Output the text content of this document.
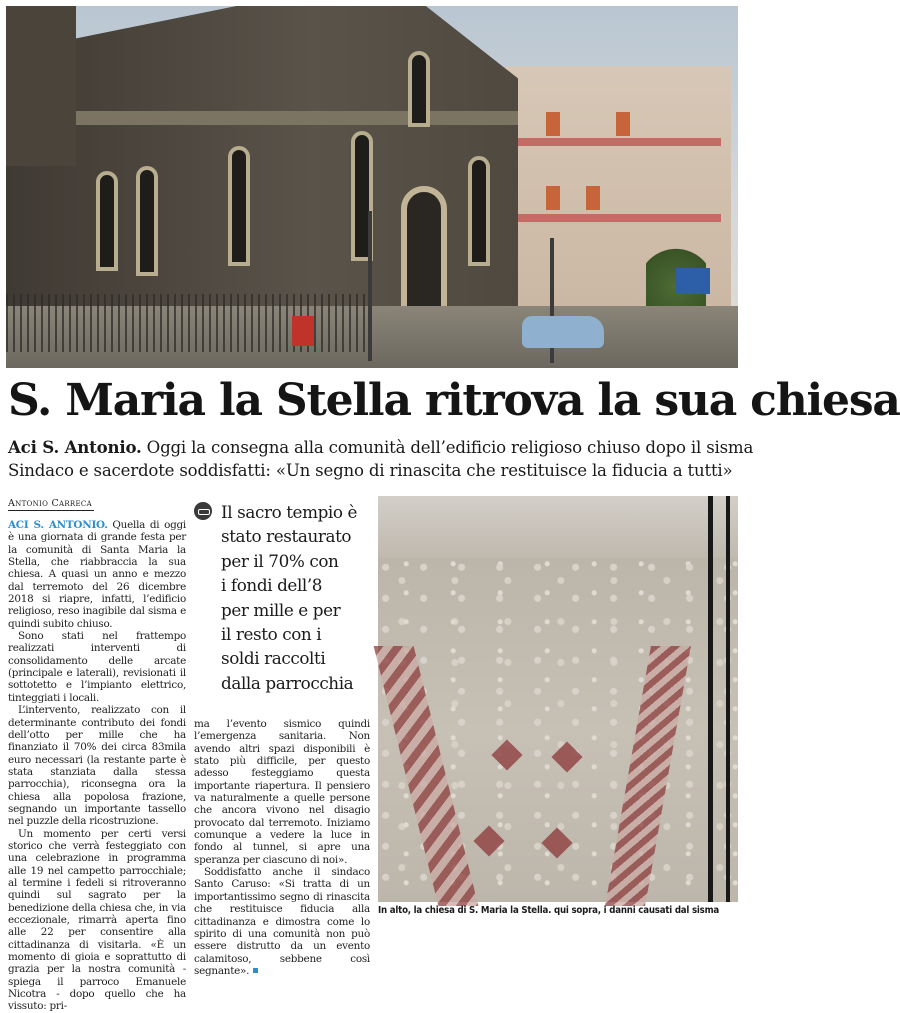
S. Maria la Stella ritrova la sua chiesa
Aci S. Antonio. Oggi la consegna alla comunità dell’edificio religioso chiuso dopo il sisma
Sindaco e sacerdote soddisfatti: «Un segno di rinascita che restituisce la fiducia a tutti»
Antonio Carreca

ACI S. ANTONIO. Quella di oggi è una giornata di grande festa per la comunità di Santa Maria la Stella, che riabbraccia la sua chiesa. A quasi un anno e mezzo dal terremoto del 26 dicembre 2018 si riapre, infatti, l’edificio religioso, reso inagibile dal sisma e quindi subito chiuso.

Sono stati nel frattempo realizzati interventi di consolidamento delle arcate (principale e laterali), revisionati il sottotetto e l’impianto elettrico, tinteggiati i locali.

L’intervento, realizzato con il determinante contributo dei fondi dell’otto per mille che ha finanziato il 70% dei circa 83mila euro necessari (la restante parte è stata stanziata dalla stessa parrocchia), riconsegna ora la chiesa alla popolosa frazione, segnando un importante tassello nel puzzle della ricostruzione.

Un momento per certi versi storico che verrà festeggiato con una celebrazione in programma alle 19 nel campetto parrocchiale; al termine i fedeli si ritroveranno quindi sul sagrato per la benedizione della chiesa che, in via eccezionale, rimarrà aperta fino alle 22 per consentire alla cittadinanza di visitarla. «È un momento di gioia e soprattutto di grazia per la nostra comunità - spiega il parroco Emanuele Nicotra - dopo quello che ha vissuto: pri-

Il sacro tempio è
stato restaurato
per il 70% con
i fondi dell’8
per mille e per
il resto con i
soldi raccolti
dalla parrocchia

ma l’evento sismico quindi l’emergenza sanitaria. Non avendo altri spazi disponibili è stato più difficile, per questo adesso festeggiamo questa importante riapertura. Il pensiero va naturalmente a quelle persone che ancora vivono nel disagio provocato dal terremoto. Iniziamo comunque a vedere la luce in fondo al tunnel, si apre una speranza per ciascuno di noi».

Soddisfatto anche il sindaco Santo Caruso: «Si tratta di un importantissimo segno di rinascita che restituisce fiducia alla cittadinanza e dimostra come lo spirito di una comunità non può essere distrutto da un evento calamitoso, sebbene così segnante».

In alto, la chiesa di S. Maria la Stella. qui sopra, i danni causati dal sisma
